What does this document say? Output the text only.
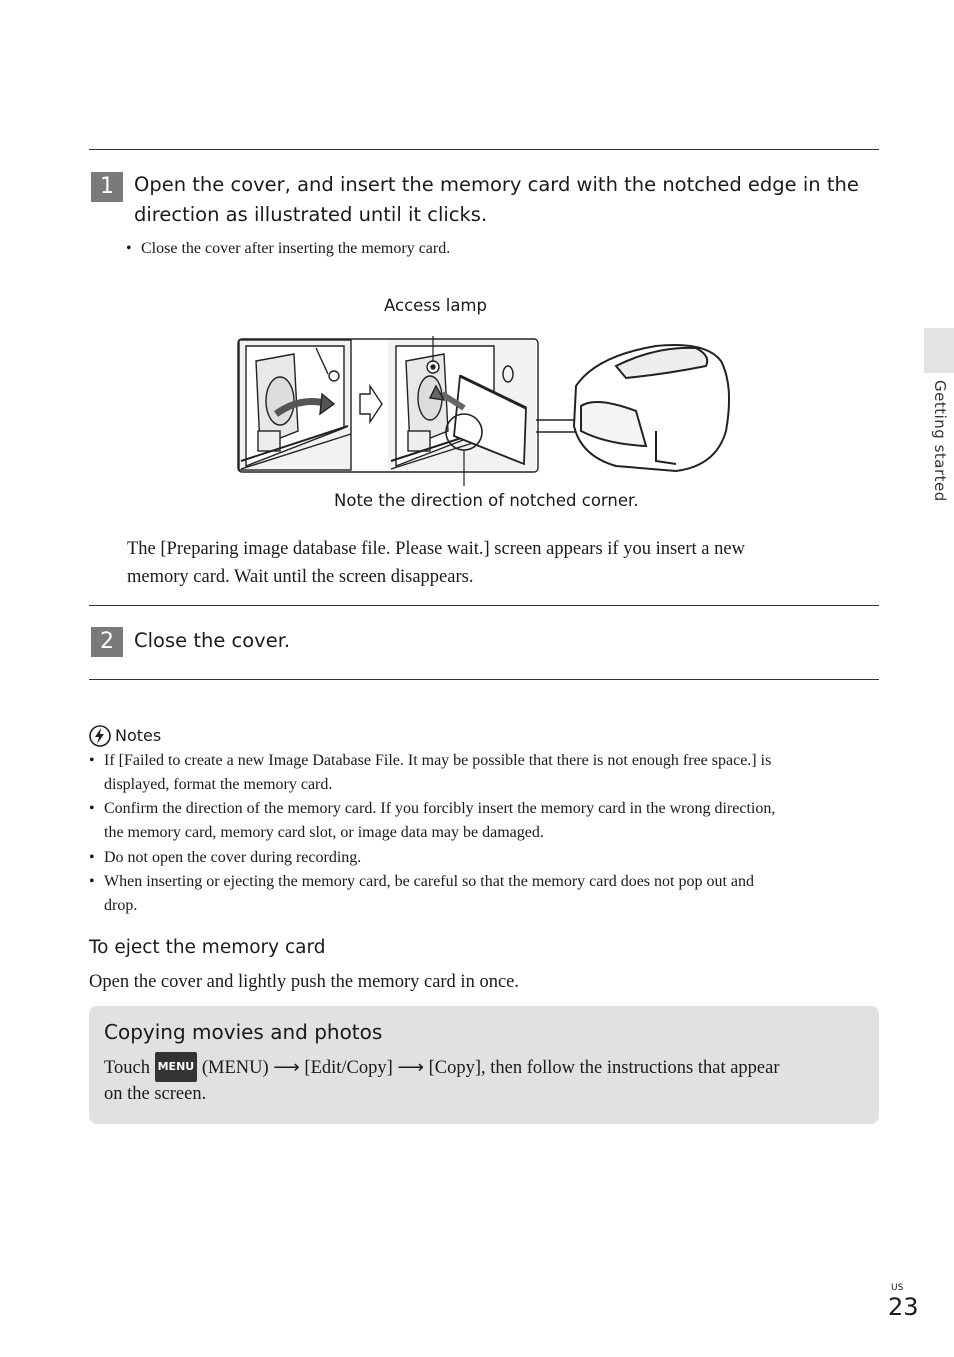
Getting started
1	Open the cover, and insert the memory card with the notched edge in the
direction as illustrated until it clicks.
• Close the cover after inserting the memory card.
Access lamp
Note the direction of notched corner.
The [Preparing image database file. Please wait.] screen appears if you insert a new
memory card. Wait until the screen disappears.
2	Close the cover.
Notes
• If [Failed to create a new Image Database File. It may be possible that there is not enough free space.] is
displayed, format the memory card.
• Confirm the direction of the memory card. If you forcibly insert the memory card in the wrong direction,
the memory card, memory card slot, or image data may be damaged.
• Do not open the cover during recording.
• When inserting or ejecting the memory card, be careful so that the memory card does not pop out and
drop.
To eject the memory card
Open the cover and lightly push the memory card in once.
Copying movies and photos
Touch MENU (MENU) ⟶ [Edit/Copy] ⟶ [Copy], then follow the instructions that appear
on the screen.
US
23
